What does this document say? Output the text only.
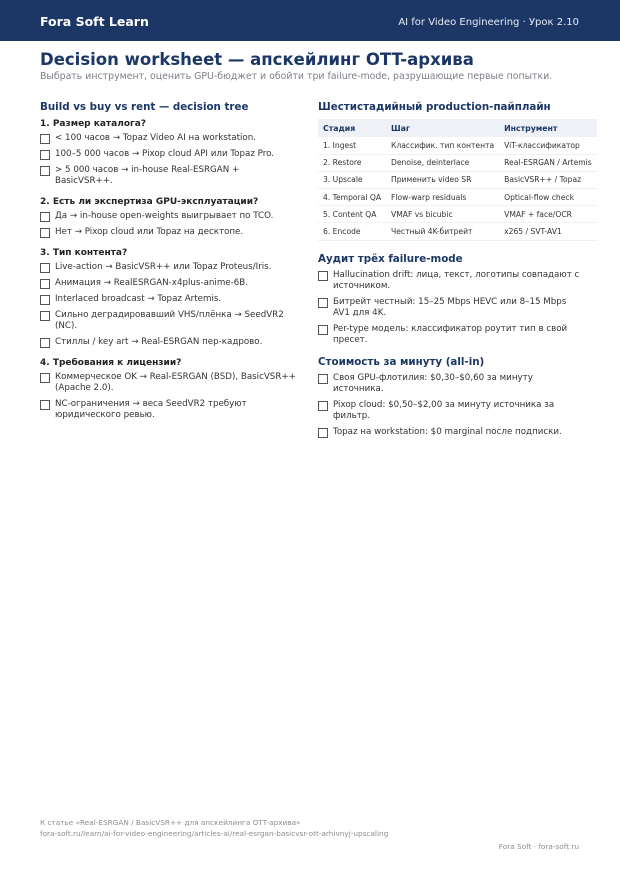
Fora Soft Learn	AI for Video Engineering · Урок 2.10
Decision worksheet — апскейлинг OTT-архива

Выбрать инструмент, оценить GPU-бюджет и обойти три failure-mode, разрушающие первые попытки.

Build vs buy vs rent — decision tree
1. Размер каталога?
< 100 часов → Topaz Video AI на workstation.
100–5 000 часов → Pixop cloud API или Topaz Pro.
> 5 000 часов → in-house Real-ESRGAN + BasicVSR++.
2. Есть ли экспертиза GPU-эксплуатации?
Да → in-house open-weights выигрывает по TCO.
Нет → Pixop cloud или Topaz на десктопе.
3. Тип контента?
Live-action → BasicVSR++ или Topaz Proteus/Iris.
Анимация → RealESRGAN-x4plus-anime-6B.
Interlaced broadcast → Topaz Artemis.
Сильно деградировавший VHS/плёнка → SeedVR2 (NC).
Стиллы / key art → Real-ESRGAN пер-кадрово.
4. Требования к лицензии?
Коммерческое OK → Real-ESRGAN (BSD), BasicVSR++ (Apache 2.0).
NC-ограничения → веса SeedVR2 требуют юридического ревью.
Шестистадийный production-пайплайн
Стадия	Шаг	Инструмент
1. Ingest	Классифик. тип контента	ViT-классификатор
2. Restore	Denoise, deinterlace	Real-ESRGAN / Artemis
3. Upscale	Применить video SR	BasicVSR++ / Topaz
4. Temporal QA	Flow-warp residuals	Optical-flow check
5. Content QA	VMAF vs bicubic	VMAF + face/OCR
6. Encode	Честный 4K-битрейт	x265 / SVT-AV1
Аудит трёх failure-mode
Hallucination drift: лица, текст, логотипы совпадают с источником.
Битрейт честный: 15–25 Mbps HEVC или 8–15 Mbps AV1 для 4K.
Per-type модель: классификатор роутит тип в свой пресет.
Стоимость за минуту (all-in)
Своя GPU-флотилия: $0,30–$0,60 за минуту источника.
Pixop cloud: $0,50–$2,00 за минуту источника за фильтр.
Topaz на workstation: $0 marginal после подписки.
К статье «Real-ESRGAN / BasicVSR++ для апскейлинга OTT-архива»
fora-soft.ru/learn/ai-for-video-engineering/articles-ai/real-esrgan-basicvsr-ott-arhivnyj-upscaling
Fora Soft · fora-soft.ru
